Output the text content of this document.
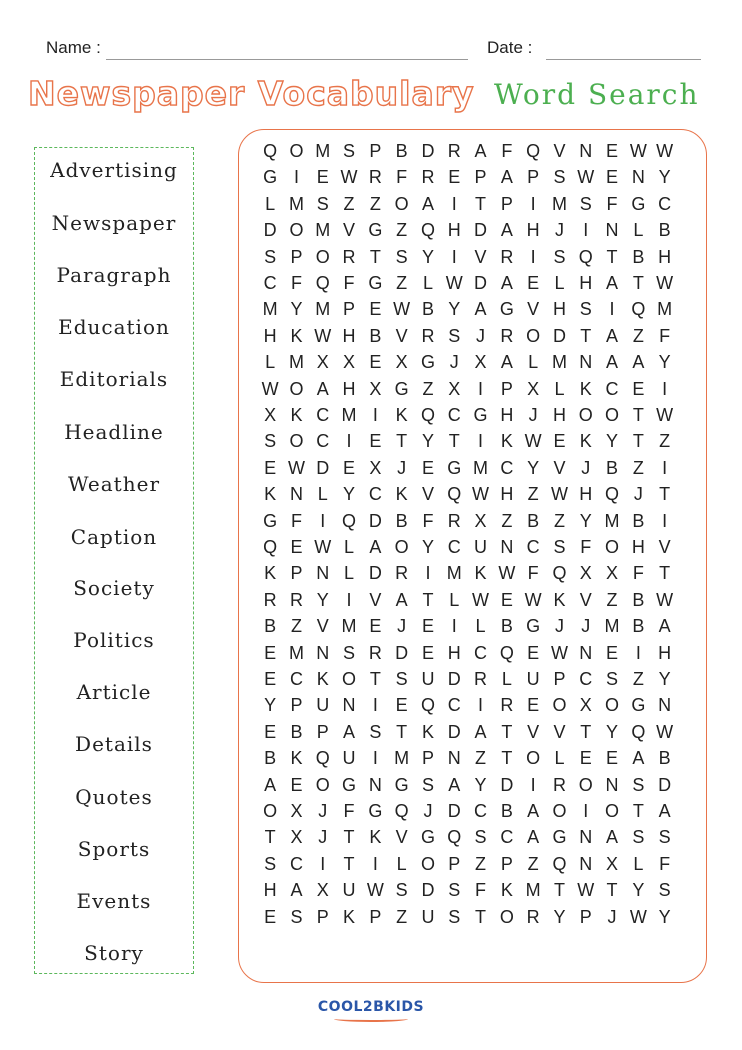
Name :	Date :
Newspaper Vocabulary Word Search
Advertising
Newspaper
Paragraph
Education
Editorials
Headline
Weather
Caption
Society
Politics
Article
Details
Quotes
Sports
Events
Story
Q O M S P B D R A F Q V N E W W
G I E W R F R E P A P S W E N Y
L M S Z Z O A I	T P I M S F G C
D O M V G Z Q H D A H J	I N L B
S P O R T S Y I V R I S Q T B H
C F Q F G Z L W D A E L H A T W
M Y M P E W B Y A G V H S I Q M
H K W H B V R S J R O D T A Z F
L M X X E X G J X A L M N A A Y
W O A H X G Z X I P X L K C E I
X K C M I K Q C G H J H O O T W
S O C I E T Y T	I K W E K Y T Z
E W D E X J E G M C Y V J B Z	I
K N L Y C K V Q W H Z W H Q J T
G F	I Q D B F R X Z B Z Y M B I
Q E W L A O Y C U N C S F O H V
K P N L D R I M K W F Q X X F T
R R Y I V A T L W E W K V Z B W
B Z V M E J E I	L B G J J M B A
E M N S R D E H C Q E W N E I H
E C K O T S U D R L U P C S Z Y
Y P U N I E Q C I R E O X O G N
E B P A S T K D A T V V T Y Q W
B K Q U I M P N Z T O L E E A B
A E O G N G S A Y D I R O N S D
O X J F G Q J D C B A O I O T A
T X J T K V G Q S C A G N A S S
S C I	T	I	L O P Z P Z Q N X L F
H A X U W S D S F K M T W T Y S
E S P K P Z U S T O R Y P J W Y
COOL2BKIDS
